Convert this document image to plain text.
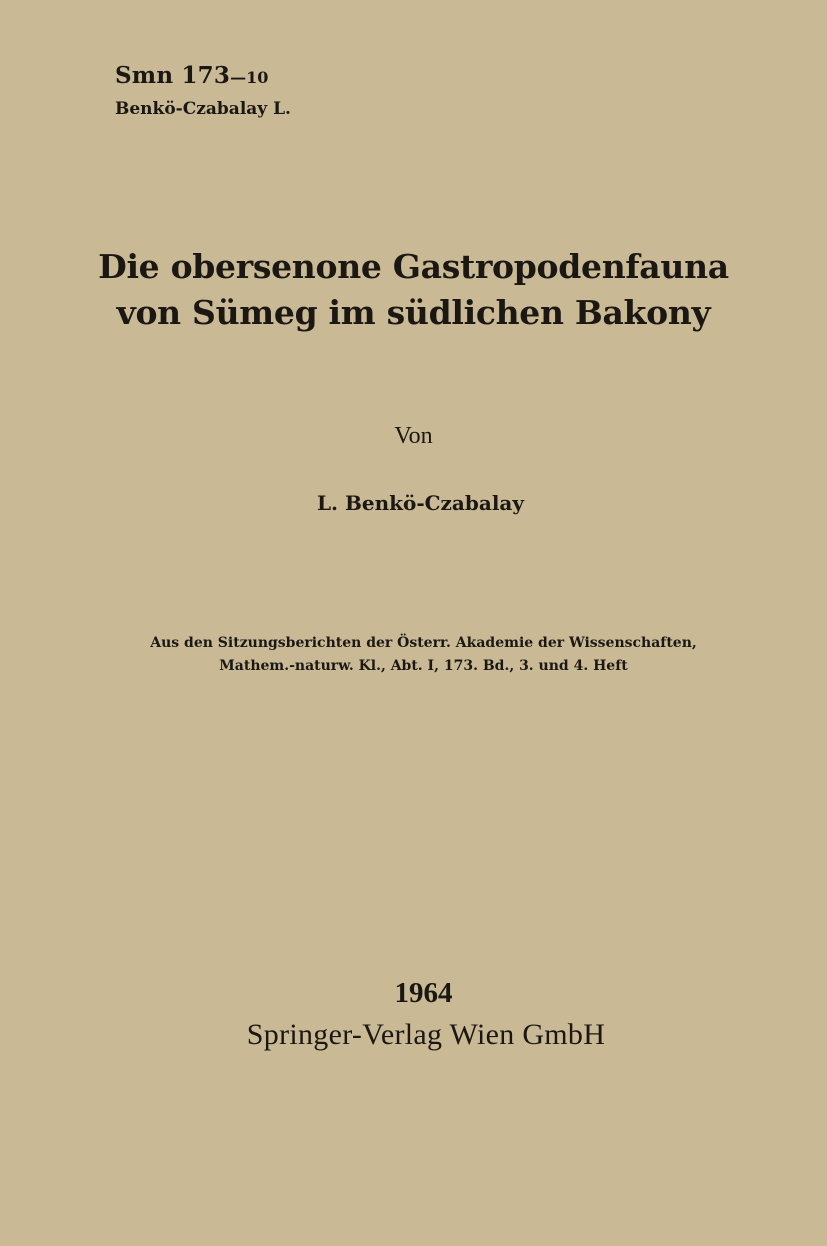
Smn 173—10
Benkö-Czabalay L.
Die obersenone Gastropodenfauna
von Sümeg im südlichen Bakony
Von
L. Benkö-Czabalay
Aus den Sitzungsberichten der Österr. Akademie der Wissenschaften,
Mathem.-naturw. Kl., Abt. I, 173. Bd., 3. und 4. Heft
1964
Springer-Verlag Wien GmbH
